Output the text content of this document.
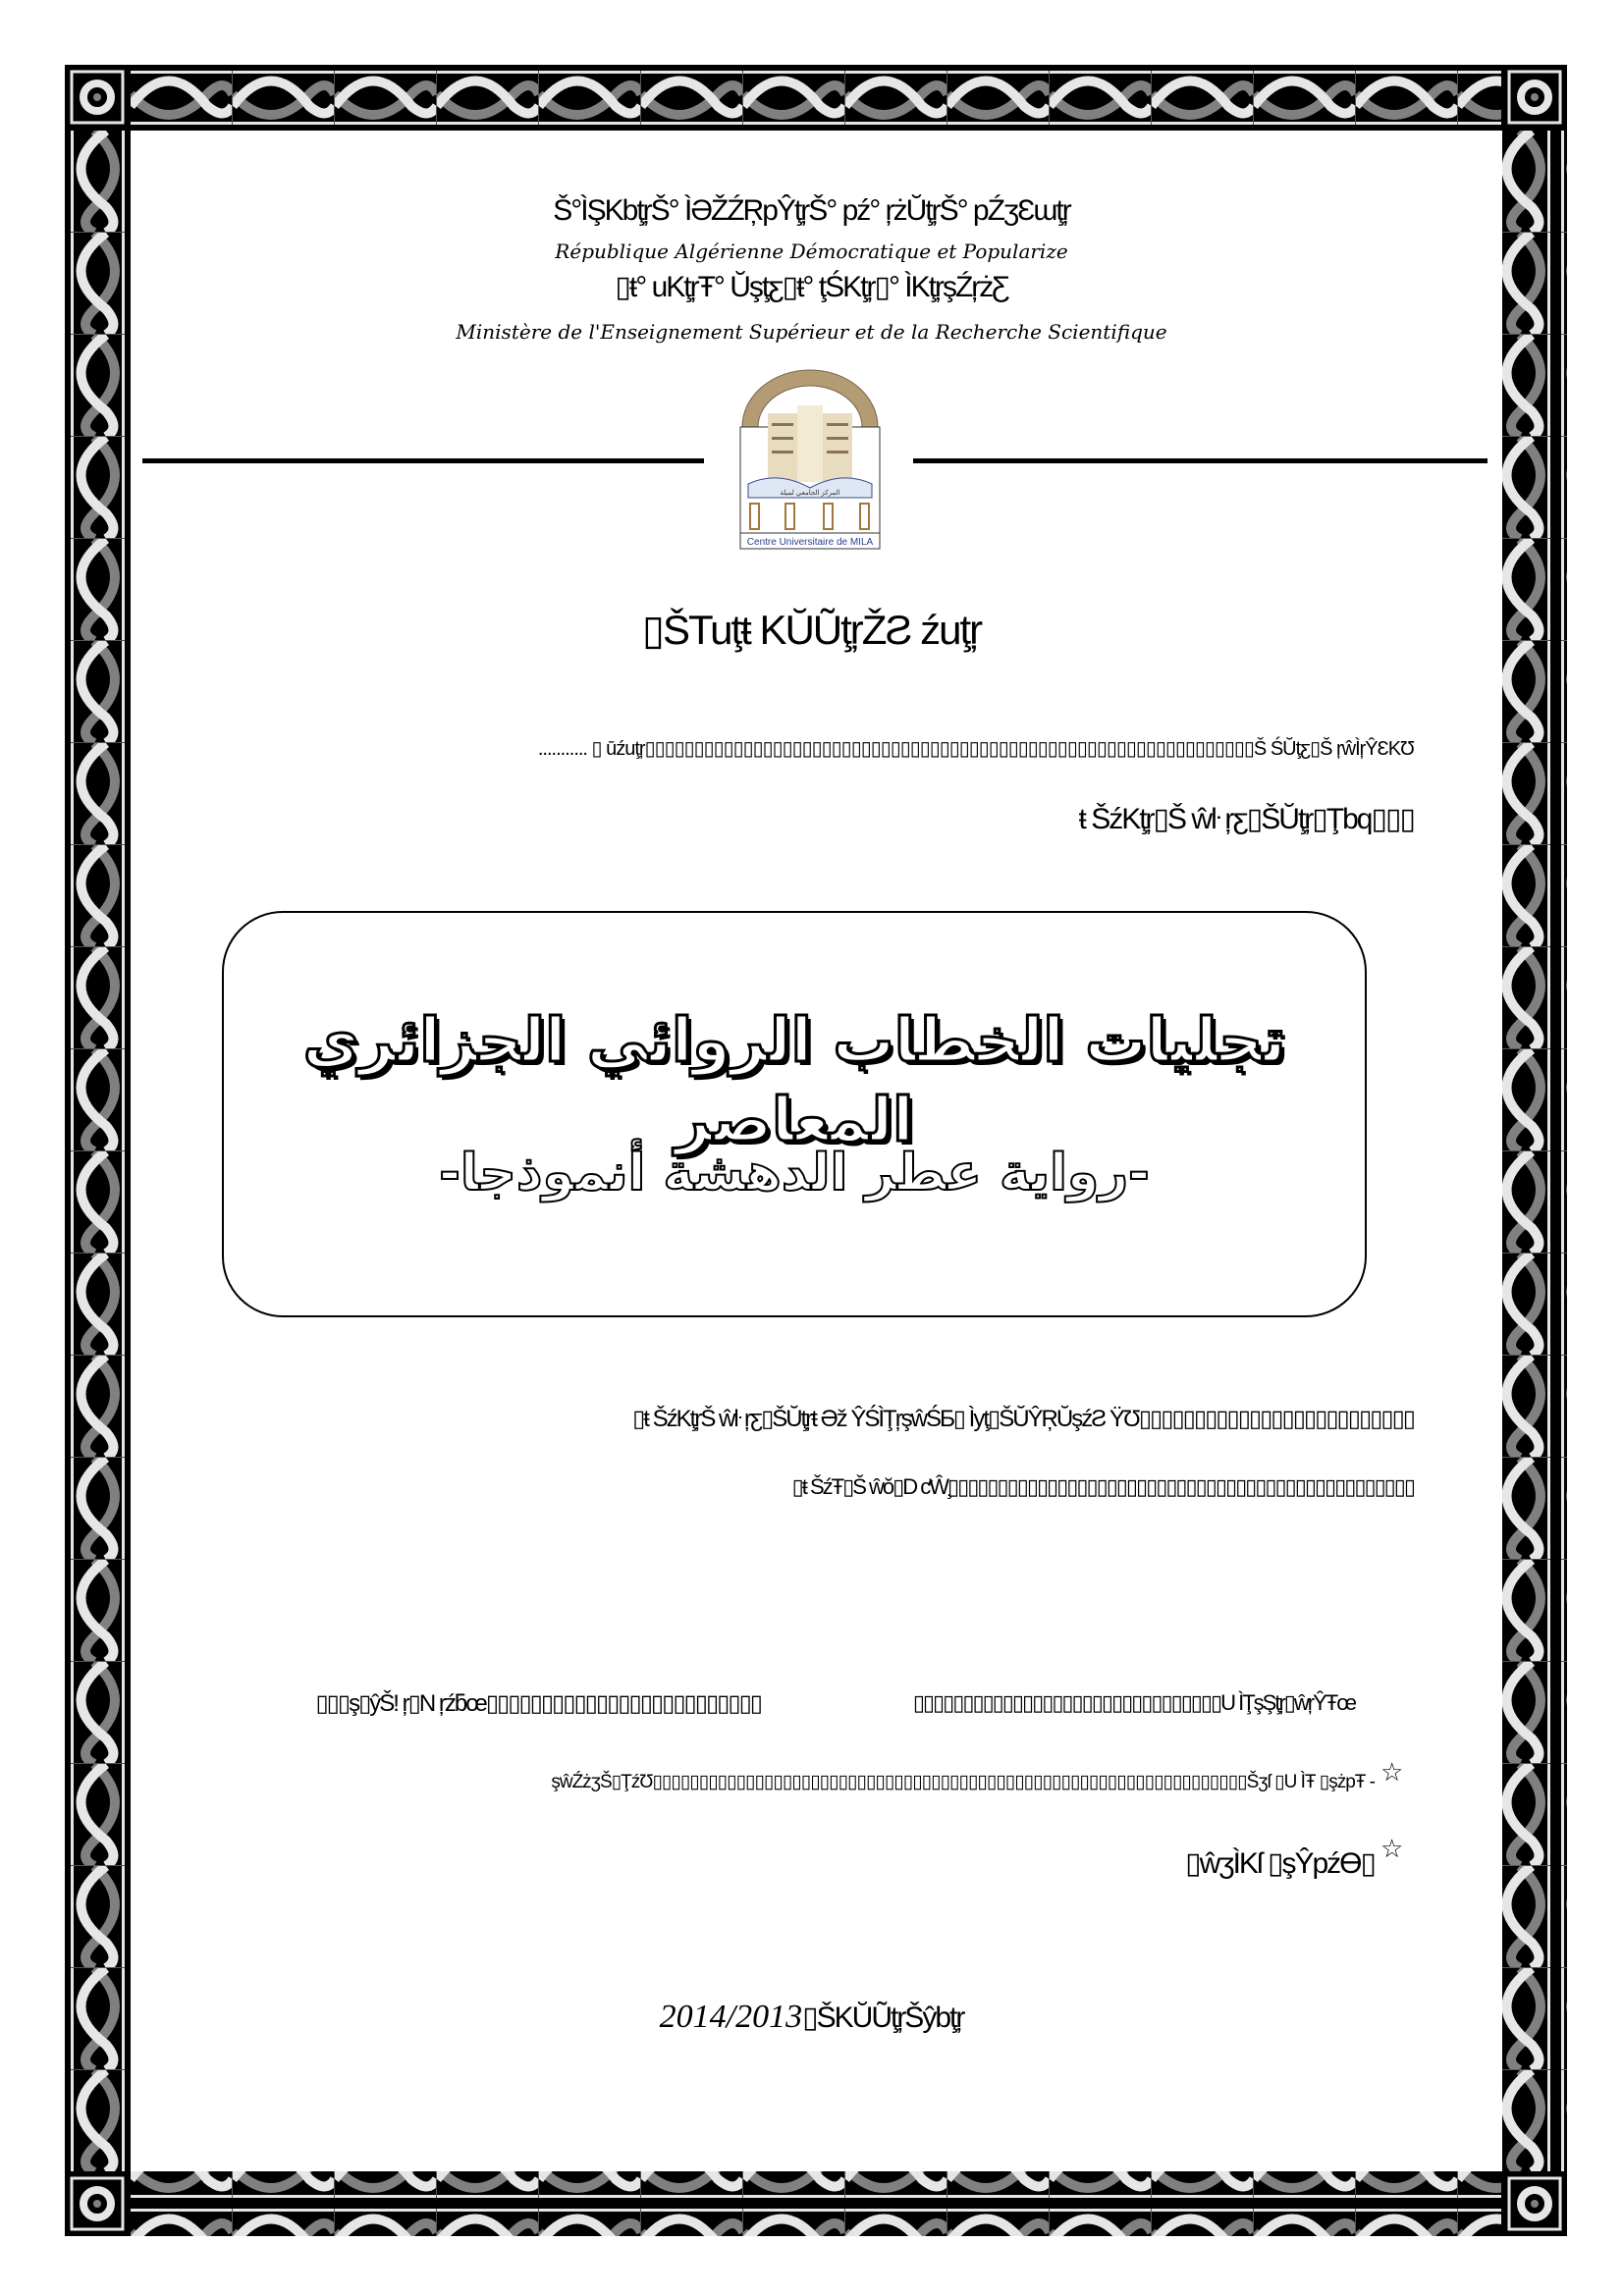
Š°ÌŞKbţŗŠ° ÌƏŽŹŖpŶţŗŠ° pź° ŗżŬţŗŠ° pŹʒƐɯţŗ
République Algérienne Démocratique et Popularize
▯ŧ° uKţŗŦ° Ŭşţƹ▯ŧ° ţŚKţŗ▯° ÌKţŗşŹŗżƸ
Ministère de l'Enseignement Supérieur et de la Recherche Scientifique
المركز الجامعي لميلة
Centre Universitaire de MILA
▯ŠTuţŧ KŬŨţŗŽƧ źuţŗ
........... ▯ ūźuţŗ▯▯▯▯▯▯▯▯▯▯▯▯▯▯▯▯▯▯▯▯▯▯▯▯▯▯▯▯▯▯▯▯▯▯▯▯▯▯▯▯▯▯▯▯▯▯▯▯▯▯▯▯▯▯▯▯▯▯▯▯▯▯Š ŚŬţƹ▯Š ŗŵÌŗŶƐKƱ
ŧ ŠźKţŗ▯Š ŵŀ ŗƹ▯ŠŬţŗ▯Ţbq▯▯▯
تجليات الخطاب الروائي الجزائري المعاصر
-رواية عطر الدهشة أنموذجا-
▯ŧ ŠźKţŗŠ ŵŀ ŗƹ▯ŠŬţŗŧ Əž ŶŚÌŢŗşŵŚƂ▯ Ìyţ▯ŠŬŶŖŬşźƧ ŸƱ▯▯▯▯▯▯▯▯▯▯▯▯▯▯▯▯▯▯▯▯▯▯▯▯▯
▯ŧ ŠźŦ▯Š ŵŏ▯D ƈŴ̧▯▯▯▯▯▯▯▯▯▯▯▯▯▯▯▯▯▯▯▯▯▯▯▯▯▯▯▯▯▯▯▯▯▯▯▯▯▯▯▯▯▯▯▯▯▯▯
▯▯▯ş▯ŷŠ! ŗ▯N ŗźƃœ▯▯▯▯▯▯▯▯▯▯▯▯▯▯▯▯▯▯▯▯▯▯▯▯▯	▯▯▯▯▯▯▯▯▯▯▯▯▯▯▯▯▯▯▯▯▯▯▯▯▯▯▯▯▯▯▯U ÌŢşŞţŗ▯ŵŗŶŦœ
şŵŹżʒŠ▯ŢźƱ▯▯▯▯▯▯▯▯▯▯▯▯▯▯▯▯▯▯▯▯▯▯▯▯▯▯▯▯▯▯▯▯▯▯▯▯▯▯▯▯▯▯▯▯▯▯▯▯▯▯▯▯▯▯▯▯▯▯▯▯▯▯▯▯Šʒſ ▯U ÌŦ ▯şżpŦ - ☆
▯ŵʒÌKſ ▯şŶpźƟ▯ ☆
2014/2013▯ŠKŬŨţŗŠŷbţŗ
